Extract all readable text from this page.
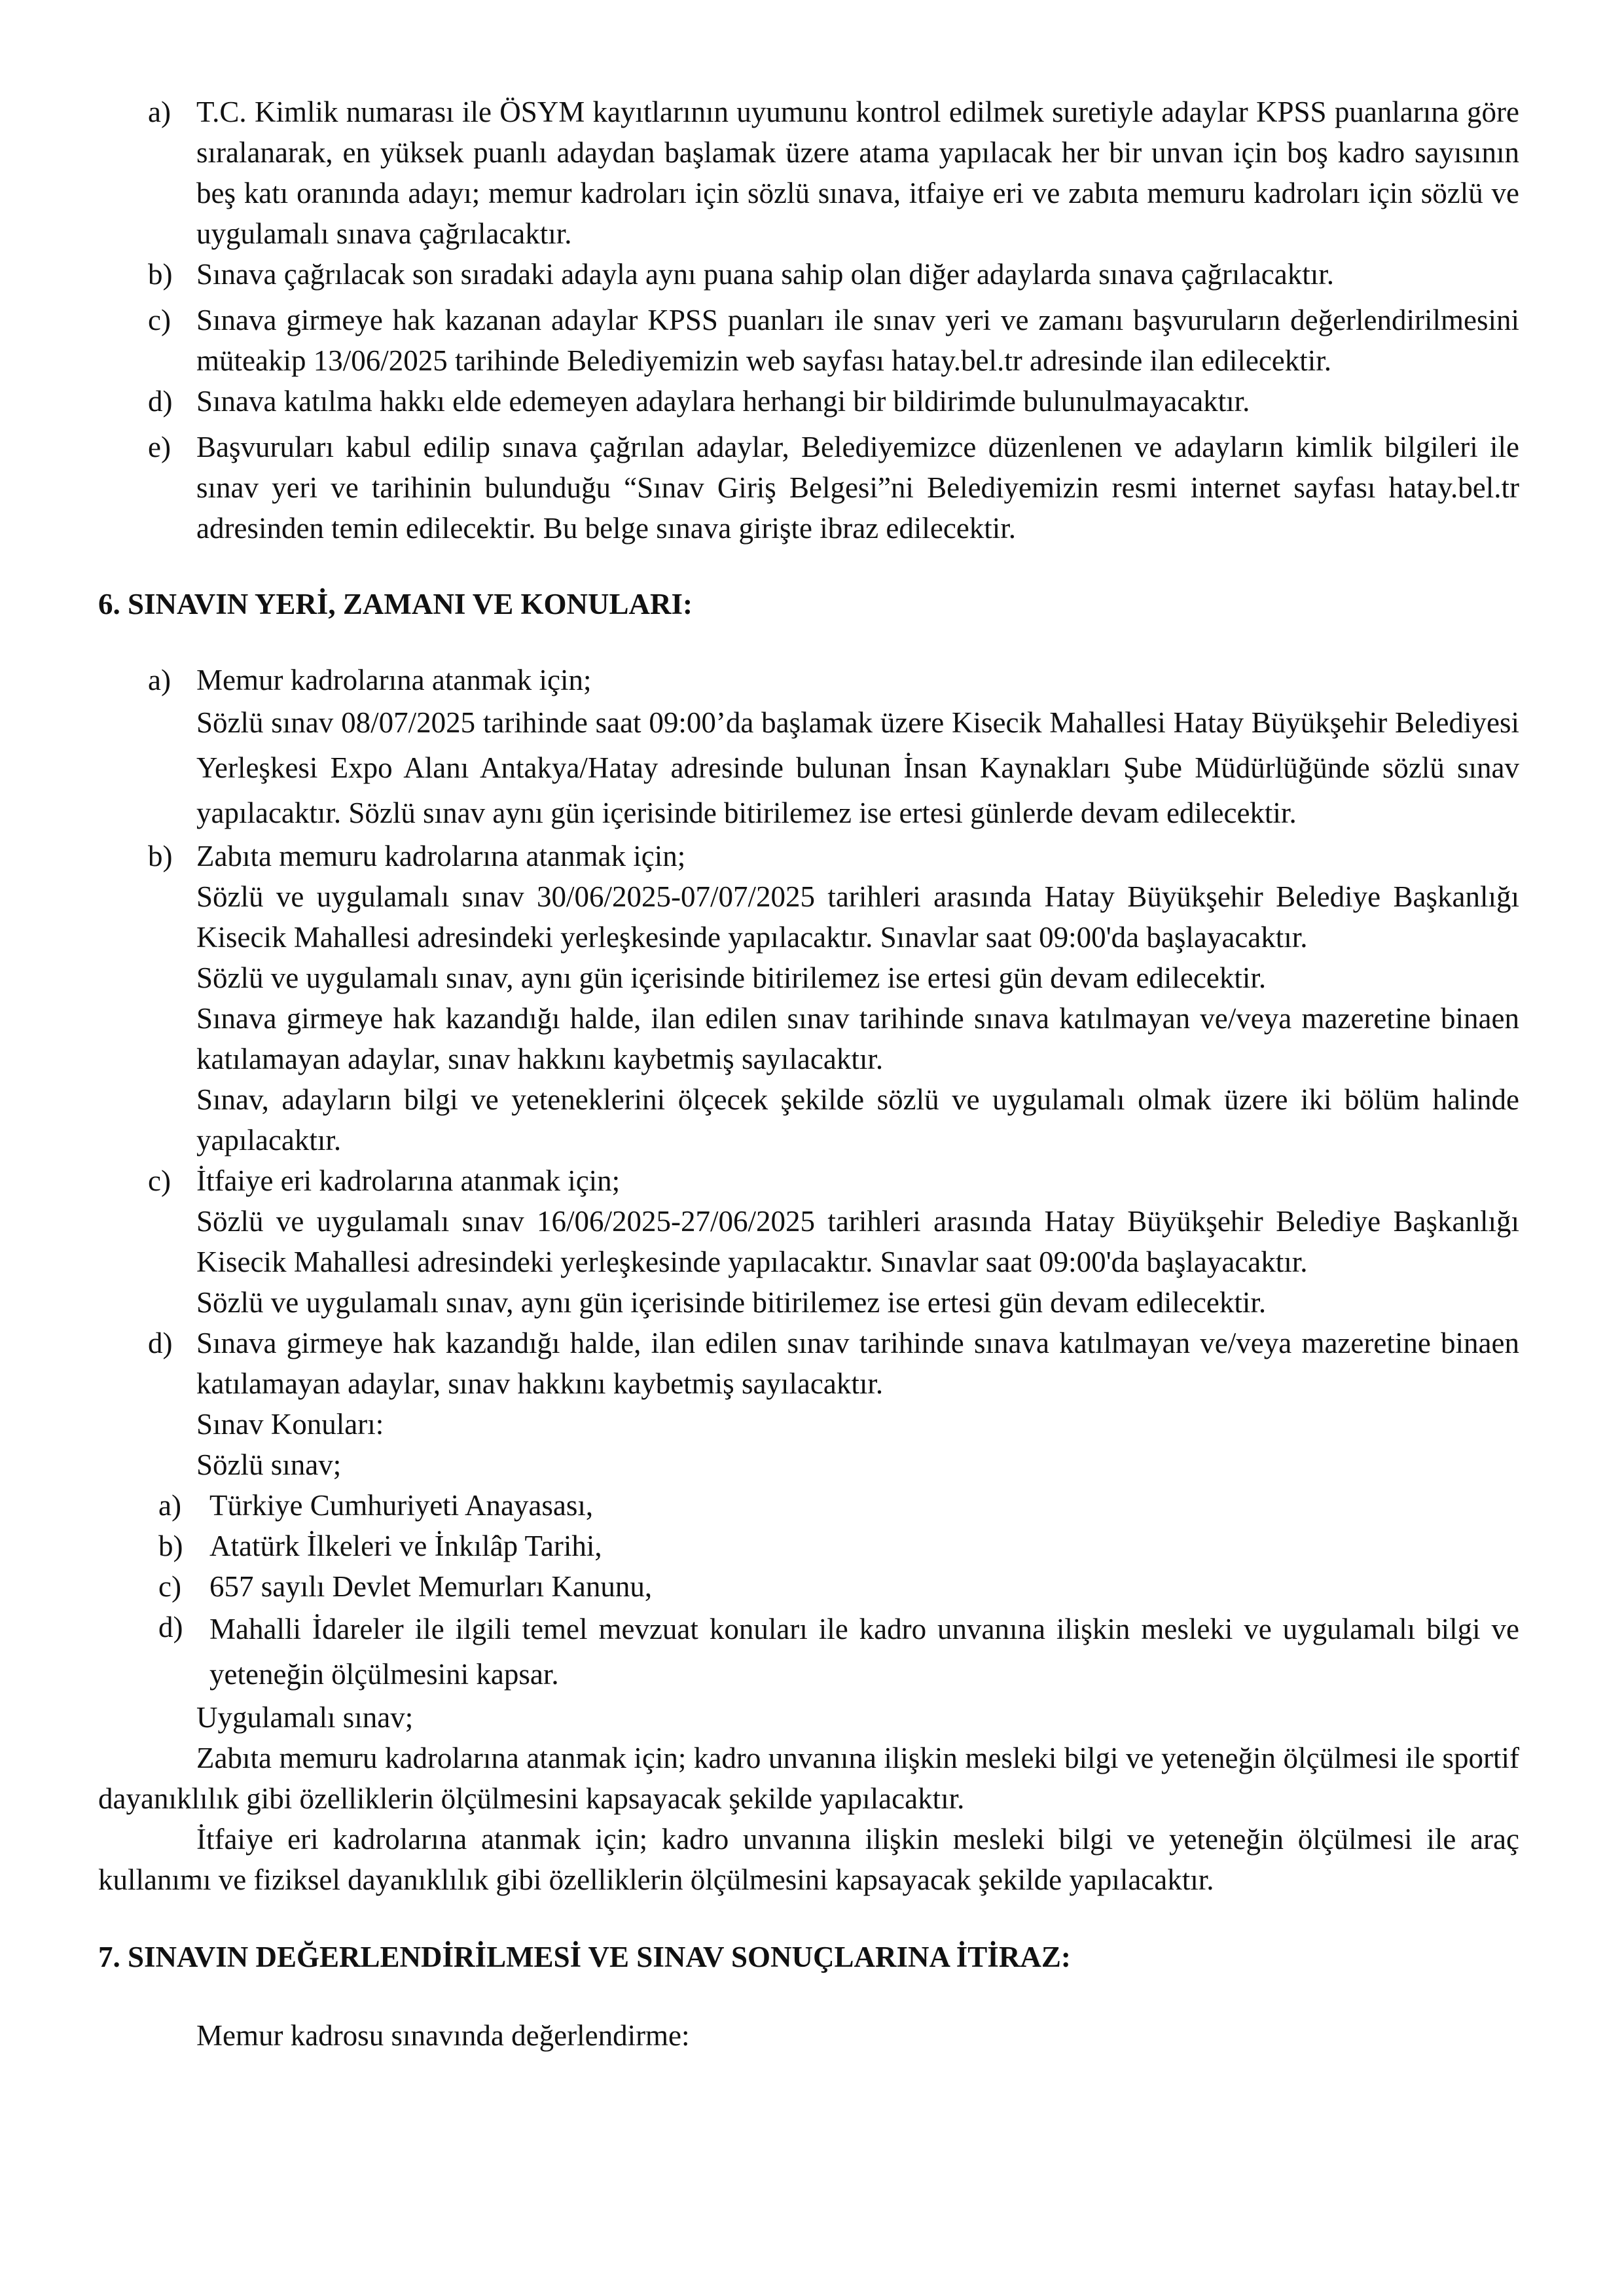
a) T.C. Kimlik numarası ile ÖSYM kayıtlarının uyumunu kontrol edilmek suretiyle adaylar KPSS puanlarına göre sıralanarak, en yüksek puanlı adaydan başlamak üzere atama yapılacak her bir unvan için boş kadro sayısının beş katı oranında adayı; memur kadroları için sözlü sınava, itfaiye eri ve zabıta memuru kadroları için sözlü ve uygulamalı sınava çağrılacaktır.

b) Sınava çağrılacak son sıradaki adayla aynı puana sahip olan diğer adaylarda sınava çağrılacaktır.

c) Sınava girmeye hak kazanan adaylar KPSS puanları ile sınav yeri ve zamanı başvuruların değerlendirilmesini müteakip 13/06/2025 tarihinde Belediyemizin web sayfası hatay.bel.tr adresinde ilan edilecektir.

d) Sınava katılma hakkı elde edemeyen adaylara herhangi bir bildirimde bulunulmayacaktır.

e) Başvuruları kabul edilip sınava çağrılan adaylar, Belediyemizce düzenlenen ve adayların kimlik bilgileri ile sınav yeri ve tarihinin bulunduğu “Sınav Giriş Belgesi”ni Belediyemizin resmi internet sayfası hatay.bel.tr adresinden temin edilecektir. Bu belge sınava girişte ibraz edilecektir.

6. SINAVIN YERİ, ZAMANI VE KONULARI:
a) Memur kadrolarına atanmak için;

Sözlü sınav 08/07/2025 tarihinde saat 09:00’da başlamak üzere Kisecik Mahallesi Hatay Büyükşehir Belediyesi Yerleşkesi Expo Alanı Antakya/Hatay adresinde bulunan İnsan Kaynakları Şube Müdürlüğünde sözlü sınav yapılacaktır. Sözlü sınav aynı gün içerisinde bitirilemez ise ertesi günlerde devam edilecektir.

b) Zabıta memuru kadrolarına atanmak için;

Sözlü ve uygulamalı sınav 30/06/2025-07/07/2025 tarihleri arasında Hatay Büyükşehir Belediye Başkanlığı Kisecik Mahallesi adresindeki yerleşkesinde yapılacaktır. Sınavlar saat 09:00'da başlayacaktır.

Sözlü ve uygulamalı sınav, aynı gün içerisinde bitirilemez ise ertesi gün devam edilecektir.

Sınava girmeye hak kazandığı halde, ilan edilen sınav tarihinde sınava katılmayan ve/veya mazeretine binaen katılamayan adaylar, sınav hakkını kaybetmiş sayılacaktır.

Sınav, adayların bilgi ve yeteneklerini ölçecek şekilde sözlü ve uygulamalı olmak üzere iki bölüm halinde yapılacaktır.

c) İtfaiye eri kadrolarına atanmak için;

Sözlü ve uygulamalı sınav 16/06/2025-27/06/2025 tarihleri arasında Hatay Büyükşehir Belediye Başkanlığı Kisecik Mahallesi adresindeki yerleşkesinde yapılacaktır. Sınavlar saat 09:00'da başlayacaktır.

Sözlü ve uygulamalı sınav, aynı gün içerisinde bitirilemez ise ertesi gün devam edilecektir.

d) Sınava girmeye hak kazandığı halde, ilan edilen sınav tarihinde sınava katılmayan ve/veya mazeretine binaen katılamayan adaylar, sınav hakkını kaybetmiş sayılacaktır.

Sınav Konuları:

Sözlü sınav;

a) Türkiye Cumhuriyeti Anayasası,

b) Atatürk İlkeleri ve İnkılâp Tarihi,

c) 657 sayılı Devlet Memurları Kanunu,

d) Mahalli İdareler ile ilgili temel mevzuat konuları ile kadro unvanına ilişkin mesleki ve uygulamalı bilgi ve yeteneğin ölçülmesini kapsar.

Uygulamalı sınav;

Zabıta memuru kadrolarına atanmak için; kadro unvanına ilişkin mesleki bilgi ve yeteneğin ölçülmesi ile sportif dayanıklılık gibi özelliklerin ölçülmesini kapsayacak şekilde yapılacaktır.

İtfaiye eri kadrolarına atanmak için; kadro unvanına ilişkin mesleki bilgi ve yeteneğin ölçülmesi ile araç kullanımı ve fiziksel dayanıklılık gibi özelliklerin ölçülmesini kapsayacak şekilde yapılacaktır.

7. SINAVIN DEĞERLENDİRİLMESİ VE SINAV SONUÇLARINA İTİRAZ:

Memur kadrosu sınavında değerlendirme:
